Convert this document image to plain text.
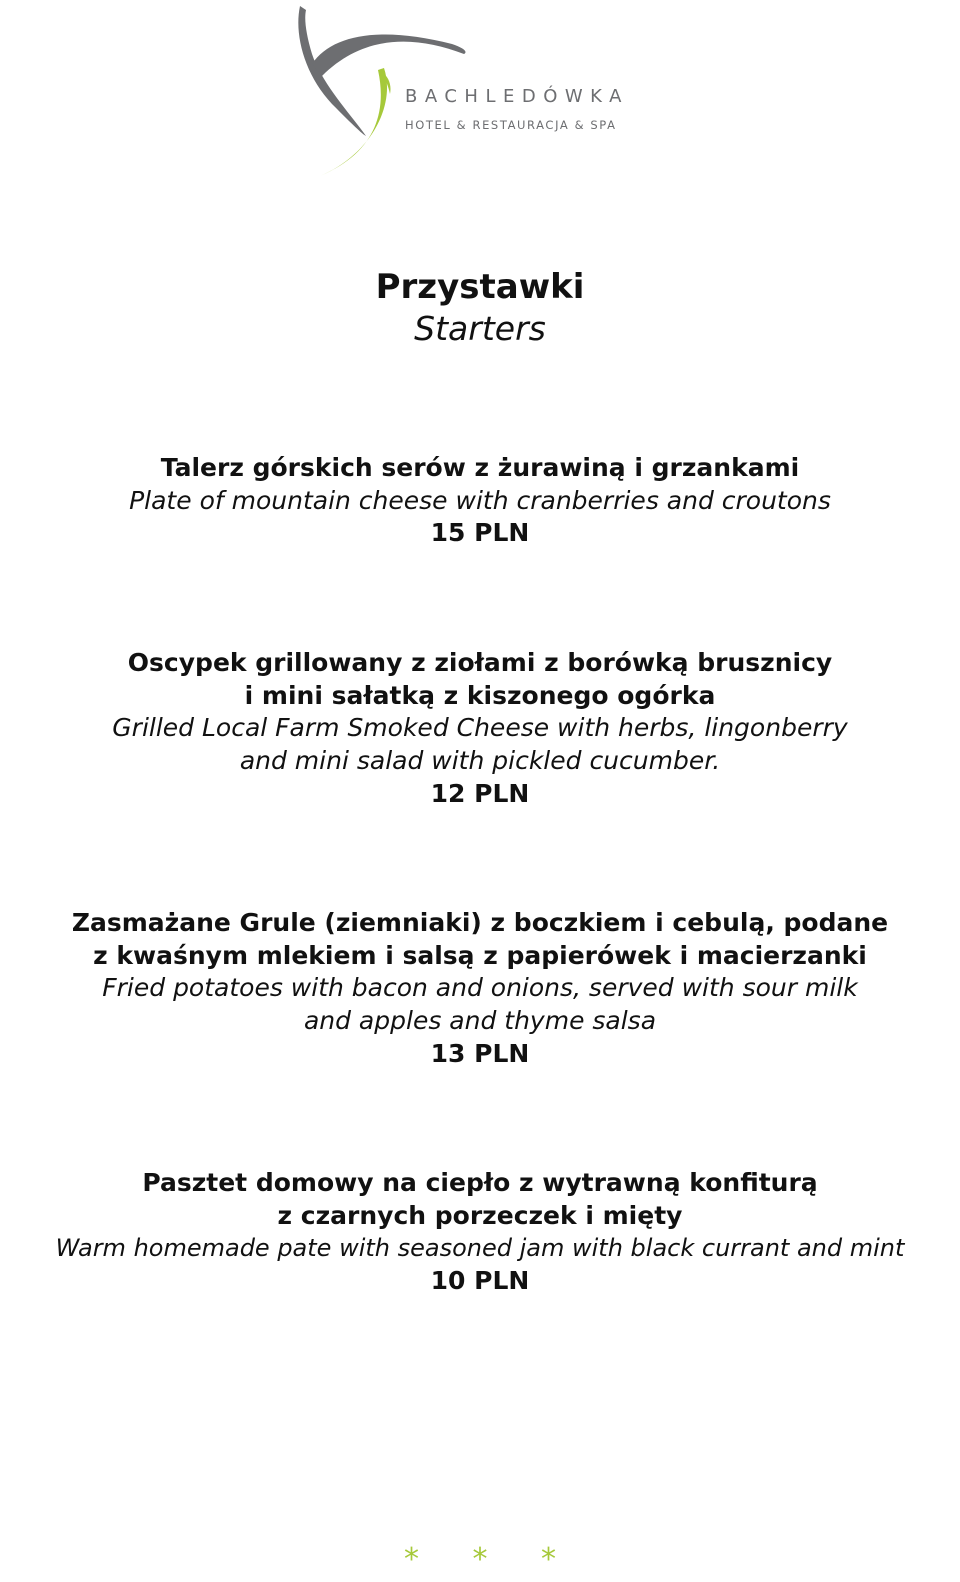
BACHLEDÓWKA
HOTEL & RESTAURACJA & SPA
Przystawki
Starters
Talerz górskich serów z żurawiną i grzankami
Plate of mountain cheese with cranberries and croutons
15 PLN
Oscypek grillowany z ziołami z borówką brusznicy
i mini sałatką z kiszonego ogórka
Grilled Local Farm Smoked Cheese with herbs, lingonberry
and mini salad with pickled cucumber.
12 PLN
Zasmażane Grule (ziemniaki) z boczkiem i cebulą, podane
z kwaśnym mlekiem i salsą z papierówek i macierzanki
Fried potatoes with bacon and onions, served with sour milk
and apples and thyme salsa
13 PLN
Pasztet domowy na ciepło z wytrawną konfiturą
z czarnych porzeczek i mięty
Warm homemade pate with seasoned jam with black currant and mint
10 PLN
* * *
